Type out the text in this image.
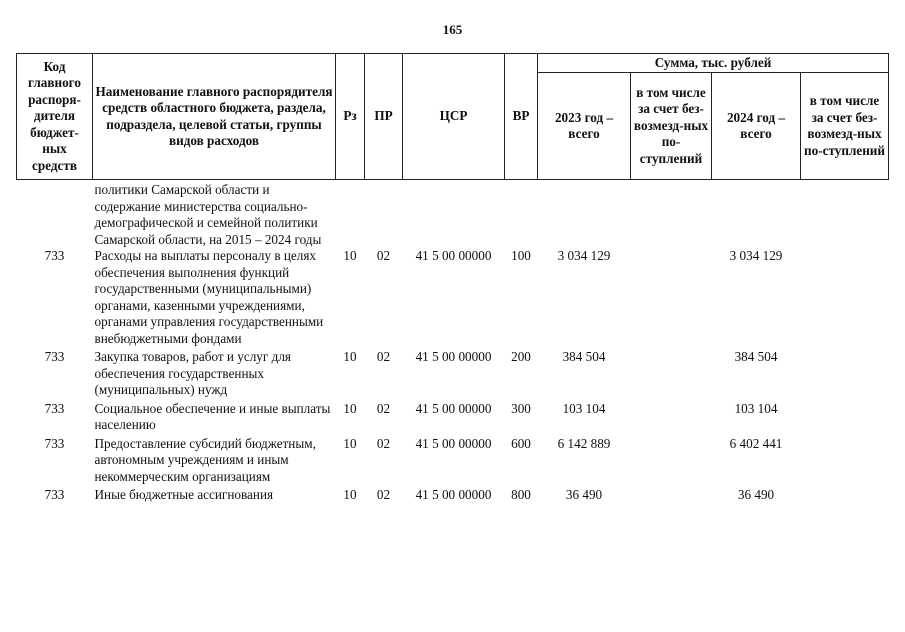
165
Код главного распоря-дителя бюджет-ных средств	Наименование главного распорядителя средств областного бюджета, раздела, подраздела, целевой статьи, группы видов расходов	Рз	ПР	ЦСР	ВР	Сумма, тыс. рублей			
						2023 год – всего	в том числе за счет без-возмезд-ных по-ступлений	2024 год – всего	в том числе за счет без-возмезд-ных по-ступлений
	политики Самарской области и содержание министерства социально-демографической и семейной политики Самарской области, на 2015 – 2024 годы								
733	Расходы на выплаты персоналу в целях обеспечения выполнения функций государственными (муниципальными) органами, казенными учреждениями, органами управления государственными внебюджетными фондами	10	02	41 5 00 00000	100	3 034 129		3 034 129	

733	Закупка товаров, работ и услуг для обеспечения государственных (муниципальных) нужд	10	02	41 5 00 00000	200	384 504		384 504	

733	Социальное обеспечение и иные выплаты населению	10	02	41 5 00 00000	300	103 104		103 104	

733	Предоставление субсидий бюджетным, автономным учреждениям и иным некоммерческим организациям	10	02	41 5 00 00000	600	6 142 889		6 402 441	

733	Иные бюджетные ассигнования	10	02	41 5 00 00000	800	36 490		36 490	
